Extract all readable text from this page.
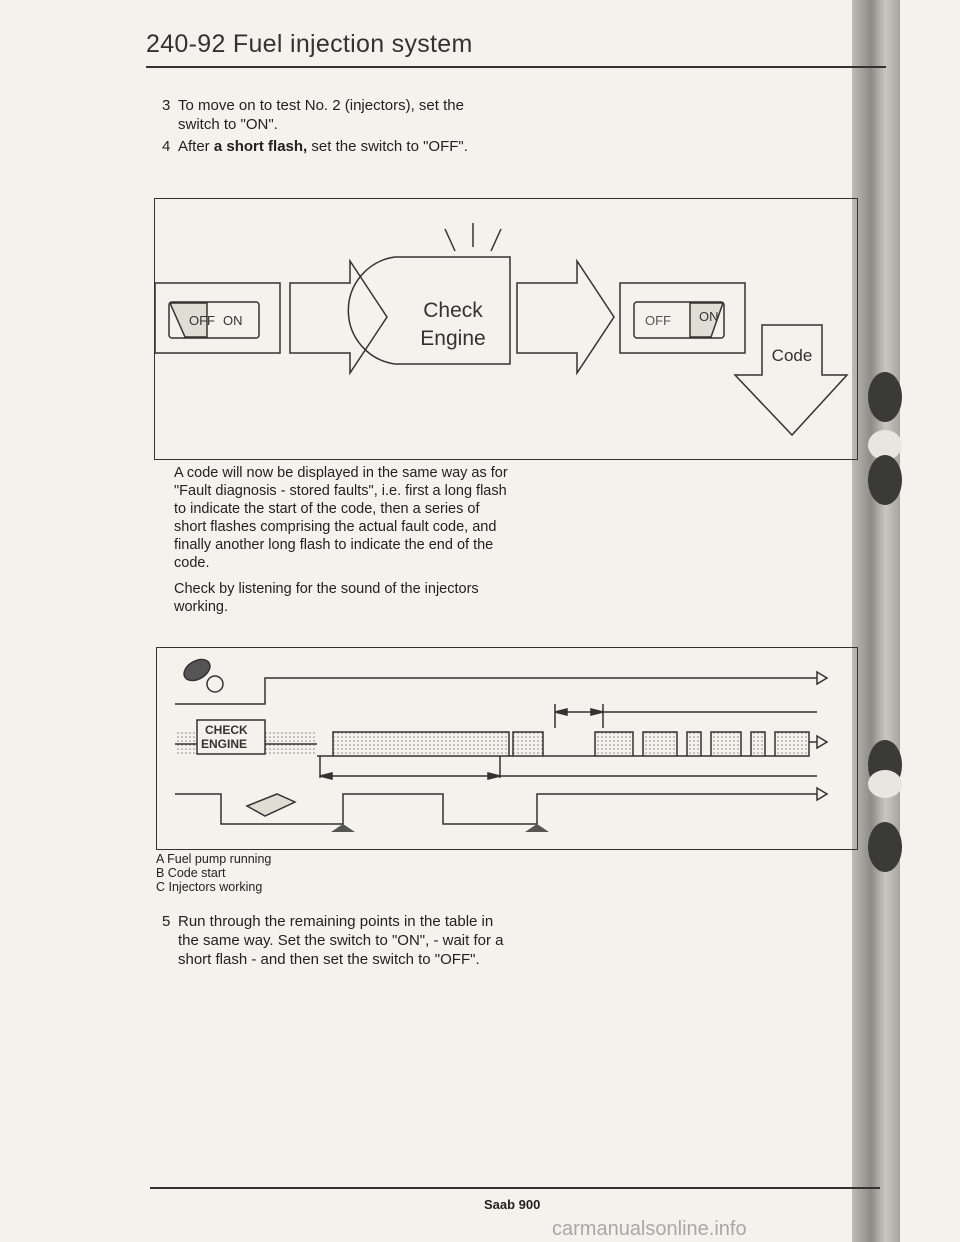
240-92 Fuel injection system
3 To move on to test No. 2 (injectors), set the switch to "ON".
4 After a short flash, set the switch to "OFF".
OFF ON	Check
Engine
OFF ON
Code
A code will now be displayed in the same way as for "Fault diagnosis - stored faults", i.e. first a long flash to indicate the start of the code, then a series of short flashes comprising the actual fault code, and finally another long flash to indicate the end of the code.
Check by listening for the sound of the injectors working.
CHECK
ENGINE
A Fuel pump running
B Code start
C Injectors working
5 Run through the remaining points in the table in the same way. Set the switch to "ON", - wait for a short flash - and then set the switch to "OFF".
Saab 900
carmanualsonline.info
